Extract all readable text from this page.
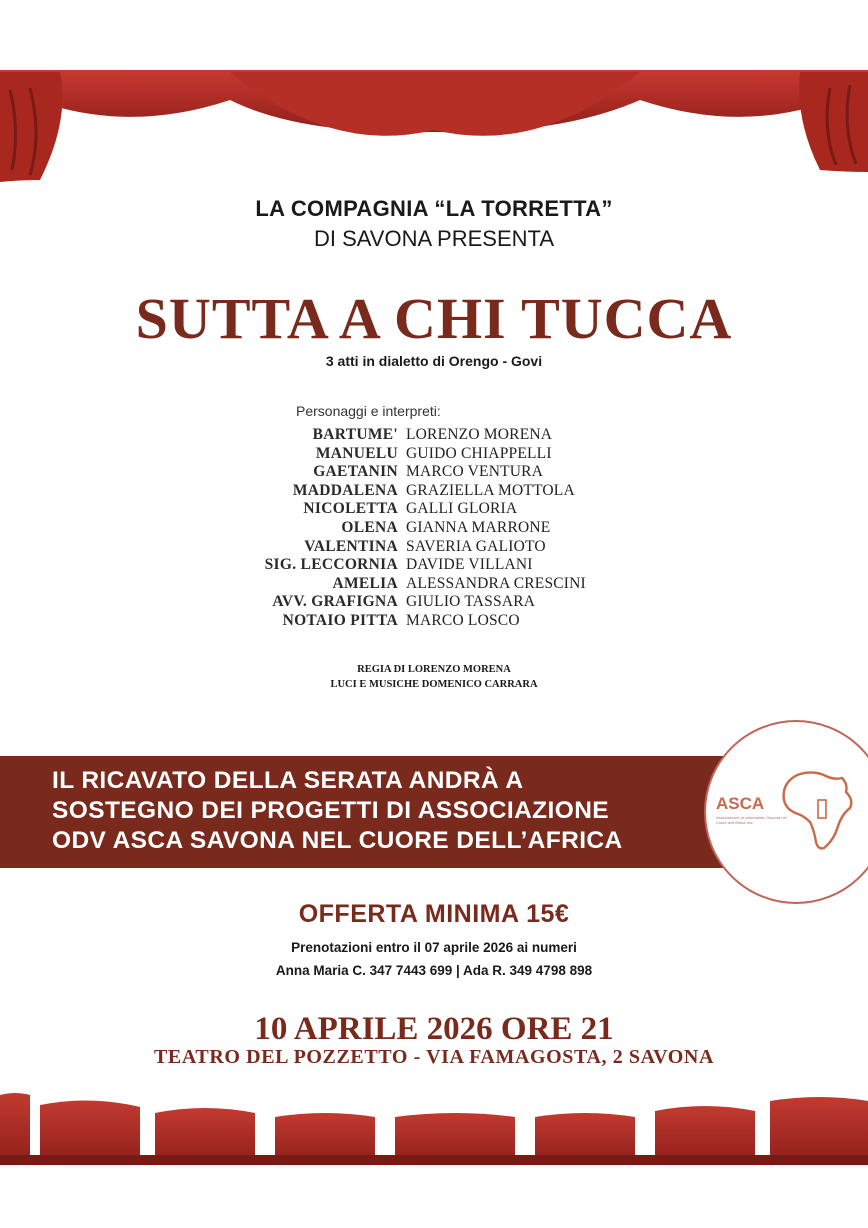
LA COMPAGNIA “LA TORRETTA”
DI SAVONA PRESENTA
SUTTA A CHI TUCCA
3 atti in dialetto di Orengo - Govi
Personaggi e interpreti:
BARTUME' LORENZO MORENA
MANUELU GUIDO CHIAPPELLI
GAETANIN MARCO VENTURA
MADDALENA GRAZIELLA MOTTOLA
NICOLETTA GALLI GLORIA
OLENA GIANNA MARRONE
VALENTINA SAVERIA GALIOTO
SIG. LECCORNIA DAVIDE VILLANI
AMELIA ALESSANDRA CRESCINI
AVV. GRAFIGNA GIULIO TASSARA
NOTAIO PITTA MARCO LOSCO
REGIA DI LORENZO MORENA
LUCI E MUSICHE DOMENICO CARRARA
IL RICAVATO DELLA SERATA ANDRÀ A
SOSTEGNO DEI PROGETTI DI ASSOCIAZIONE
ODV ASCA SAVONA NEL CUORE DELL’AFRICA
ASCA
Associazione di volontariato Savona nel Cuore dell'Africa odv
OFFERTA MINIMA 15€
Prenotazioni entro il 07 aprile 2026 ai numeri
Anna Maria C. 347 7443 699 | Ada R. 349 4798 898
10 APRILE 2026 ORE 21
TEATRO DEL POZZETTO - VIA FAMAGOSTA, 2 SAVONA
